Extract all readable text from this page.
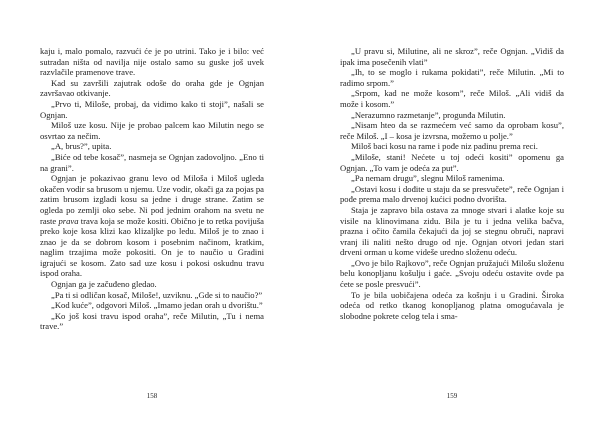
kaju i, malo pomalo, razvući će je po utrini. Tako je i bilo: već sutradan ništa od navilja nije ostalo samo su guske još uvek razvlačile pramenove trave.

Kad su završili zajutrak odoše do oraha gde je Ognjan završavao otkivanje.

„Prvo ti, Miloše, probaj, da vidimo kako ti stoji”, našali se Ognjan.

Miloš uze kosu. Nije je probao palcem kao Milutin nego se osvrtao za nečim.

„A, brus?”, upita.

„Biće od tebe kosač”, nasmeja se Ognjan zadovoljno. „Eno ti na grani”.

Ognjan je pokazivao granu levo od Miloša i Miloš ugleda okačen vodir sa brusom u njemu. Uze vodir, okači ga za pojas pa zatim brusom izgladi kosu sa jedne i druge strane. Zatim se ogleda po zemlji oko sebe. Ni pod jednim orahom na svetu ne raste prava trava koja se može kositi. Obično je to retka povijuša preko koje kosa klizi kao klizaljke po ledu. Miloš je to znao i znao je da se dobrom kosom i posebnim načinom, kratkim, naglim trzajima može pokositi. On je to naučio u Gradini igrajući se kosom. Zato sad uze kosu i pokosi oskudnu travu ispod oraha.

Ognjan ga je začuđeno gledao.

„Pa ti si odličan kosač, Miloše!, uzviknu. „Gde si to naučio?”

„Kod kuće”, odgovori Miloš. „Imamo jedan orah u dvorištu.”

„Ko još kosi travu ispod oraha”, reče Milutin, „Tu i nema trave.”

158

„U pravu si, Milutine, ali ne skroz”, reče Ognjan. „Vidiš da ipak ima posečenih vlati”

„Ih, to se moglo i rukama pokidati”, reče Milutin. „Mi to radimo srpom.”

„Srpom, kad ne može kosom”, reče Miloš. „Ali vidiš da može i kosom.”

„Nerazumno razmetanje”, progunđa Milutin.

„Nisam hteo da se razmećem već samo da oprobam kosu”, reče Miloš. „I – kosa je izvrsna, možemo u polje.”

Miloš baci kosu na rame i pođe niz padinu prema reci.

„Miloše, stani! Nećete u toj odeći kositi” opomenu ga Ognjan. „To vam je odeća za put”.

„Pa nemam drugu”, slegnu Miloš ramenima.

„Ostavi kosu i dođite u staju da se presvučete”, reče Ognjan i pođe prema malo drvenoj kućici podno dvorišta.

Staja je zapravo bila ostava za mnoge stvari i alatke koje su visile na klinovimana zidu. Bila je tu i jedna velika bačva, prazna i očito čamila čekajući da joj se stegnu obruči, napravi vranj ili naliti nešto drugo od nje. Ognjan otvori jedan stari drveni orman u kome videše uredno složenu odeću.

„Ovo je bilo Rajkovo”, reče Ognjan pružajući Milošu složenu belu konopljanu košulju i gaće. „Svoju odeću ostavite ovde pa ćete se posle presvući”.

To je bila uobičajena odeća za košnju i u Gradini. Široka odeća od retko tkanog konopljanog platna omogućavala je slobodne pokrete celog tela i sma-

159
